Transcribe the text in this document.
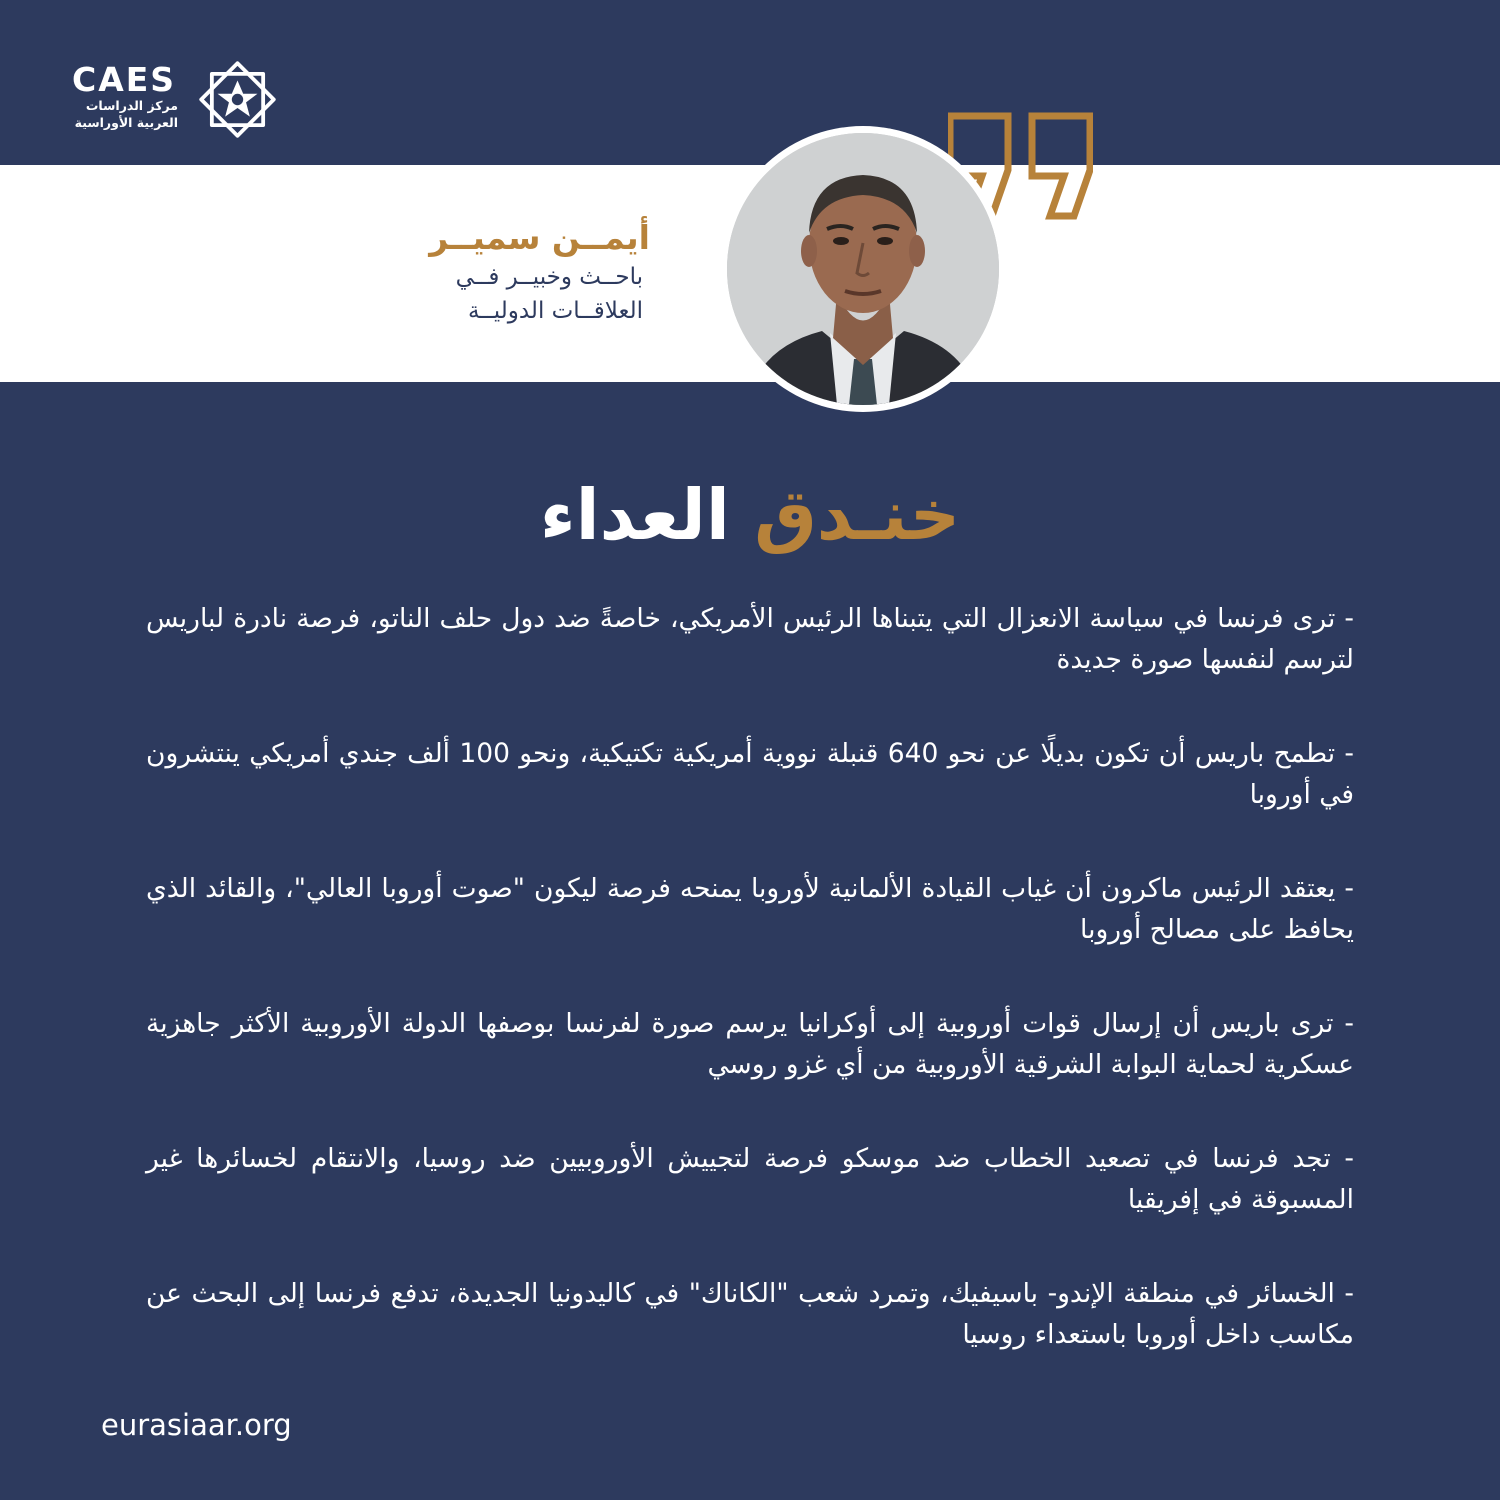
CAES
مركز الدراسات
العربية الأوراسية
أيمــن سميــر
باحــث وخبيــر فــي
العلاقــات الدوليــة
خنـدق العداء
- ترى فرنسا في سياسة الانعزال التي يتبناها الرئيس الأمريكي، خاصةً ضد دول حلف الناتو، فرصة نادرة لباريس لترسم لنفسها صورة جديدة
- تطمح باريس أن تكون بديلًا عن نحو 640 قنبلة نووية أمريكية تكتيكية، ونحو 100 ألف جندي أمريكي ينتشرون في أوروبا
- يعتقد الرئيس ماكرون أن غياب القيادة الألمانية لأوروبا يمنحه فرصة ليكون "صوت أوروبا العالي"، والقائد الذي يحافظ على مصالح أوروبا
- ترى باريس أن إرسال قوات أوروبية إلى أوكرانيا يرسم صورة لفرنسا بوصفها الدولة الأوروبية الأكثر جاهزية عسكرية لحماية البوابة الشرقية الأوروبية من أي غزو روسي
- تجد فرنسا في تصعيد الخطاب ضد موسكو فرصة لتجييش الأوروبيين ضد روسيا، والانتقام لخسائرها غير المسبوقة في إفريقيا
- الخسائر في منطقة الإندو- باسيفيك، وتمرد شعب "الكاناك" في كاليدونيا الجديدة، تدفع فرنسا إلى البحث عن مكاسب داخل أوروبا باستعداء روسيا
eurasiaar.org
